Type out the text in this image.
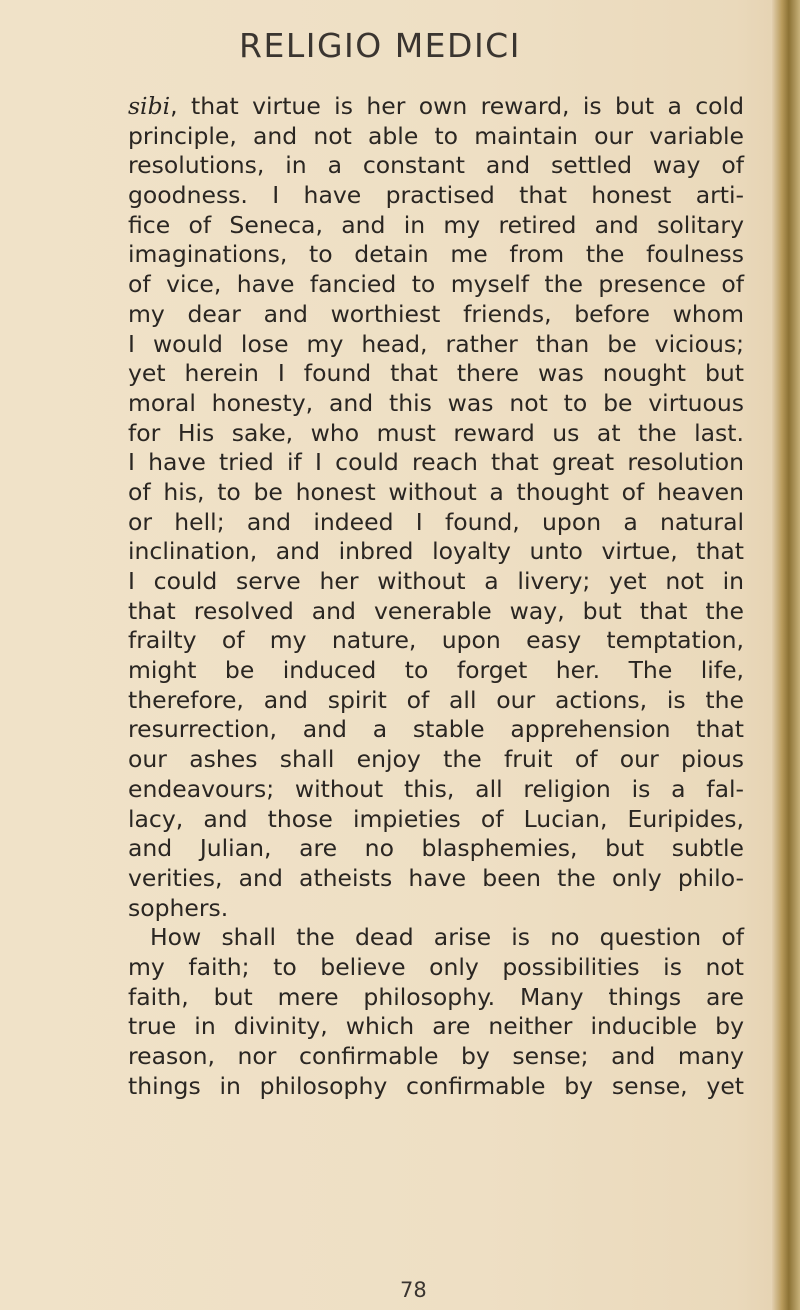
RELIGIO MEDICI
sibi, that virtue is her own reward, is but a cold
principle, and not able to maintain our variable
resolutions, in a constant and settled way of
goodness. I have practised that honest arti-
fice of Seneca, and in my retired and solitary
imaginations, to detain me from the foulness
of vice, have fancied to myself the presence of
my dear and worthiest friends, before whom
I would lose my head, rather than be vicious;
yet herein I found that there was nought but
moral honesty, and this was not to be virtuous
for His sake, who must reward us at the last.
I have tried if I could reach that great resolution
of his, to be honest without a thought of heaven
or hell; and indeed I found, upon a natural
inclination, and inbred loyalty unto virtue, that
I could serve her without a livery; yet not in
that resolved and venerable way, but that the
frailty of my nature, upon easy temptation,
might be induced to forget her. The life,
therefore, and spirit of all our actions, is the
resurrection, and a stable apprehension that
our ashes shall enjoy the fruit of our pious
endeavours; without this, all religion is a fal-
lacy, and those impieties of Lucian, Euripides,
and Julian, are no blasphemies, but subtle
verities, and atheists have been the only philo-
sophers.
How shall the dead arise is no question of
my faith; to believe only possibilities is not
faith, but mere philosophy. Many things are
true in divinity, which are neither inducible by
reason, nor confirmable by sense; and many
things in philosophy confirmable by sense, yet
78
